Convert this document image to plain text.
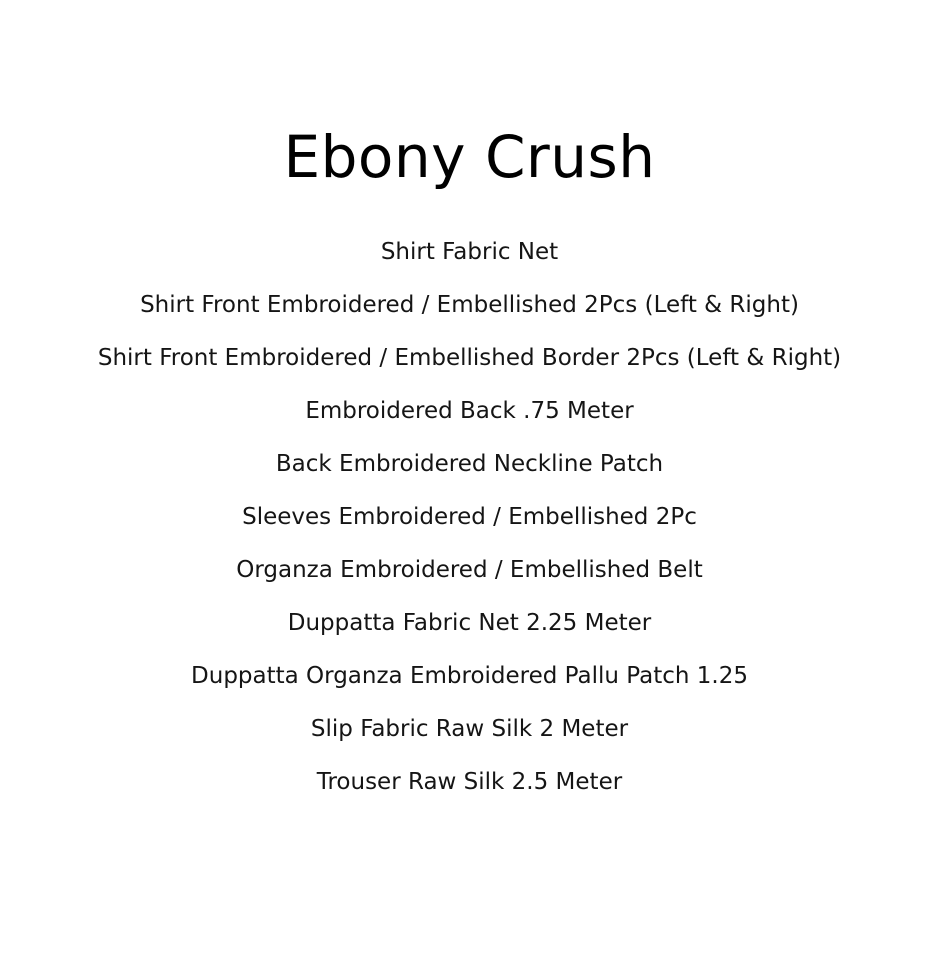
Ebony Crush
Shirt Fabric Net
Shirt Front Embroidered / Embellished 2Pcs (Left & Right)
Shirt Front Embroidered / Embellished Border 2Pcs (Left & Right)
Embroidered Back .75 Meter
Back Embroidered Neckline Patch
Sleeves Embroidered / Embellished 2Pc
Organza Embroidered / Embellished Belt
Duppatta Fabric Net 2.25 Meter
Duppatta Organza Embroidered Pallu Patch 1.25
Slip Fabric Raw Silk 2 Meter
Trouser Raw Silk 2.5 Meter
